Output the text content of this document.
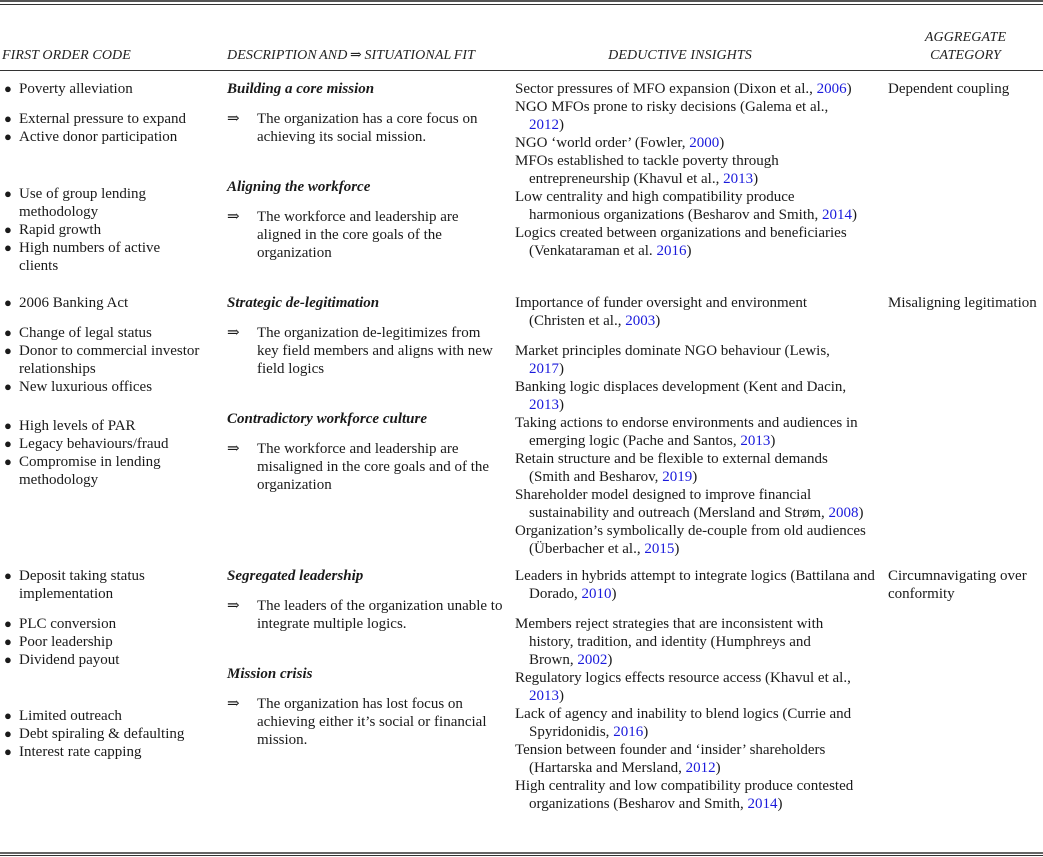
FIRST ORDER CODE	DESCRIPTION AND ⇒ SITUATIONAL FIT	DEDUCTIVE INSIGHTS
AGGREGATE
CATEGORY
● Poverty alleviation
● External pressure to expand
● Active donor participation
● Use of group lending methodology
● Rapid growth
● High numbers of active clients
Building a core mission
⇒ The organization has a core focus on achieving its social mission.
Aligning the workforce
⇒ The workforce and leadership are aligned in the core goals of the organization
Sector pressures of MFO expansion (Dixon et al., 2006)
NGO MFOs prone to risky decisions (Galema et al., 2012)
NGO ‘world order’ (Fowler, 2000)
MFOs established to tackle poverty through entrepreneurship (Khavul et al., 2013)
Low centrality and high compatibility produce harmonious organizations (Besharov and Smith, 2014)
Logics created between organizations and beneficiaries (Venkataraman et al. 2016)
Dependent coupling
● 2006 Banking Act
● Change of legal status
● Donor to commercial investor relationships
● New luxurious offices
● High levels of PAR
● Legacy behaviours/fraud
● Compromise in lending methodology
Strategic de-legitimation
⇒ The organization de-legitimizes from key field members and aligns with new field logics
Contradictory workforce culture
⇒ The workforce and leadership are misaligned in the core goals and of the organization
Importance of funder oversight and environment (Christen et al., 2003)
Market principles dominate NGO behaviour (Lewis, 2017)
Banking logic displaces development (Kent and Dacin, 2013)
Taking actions to endorse environments and audiences in emerging logic (Pache and Santos, 2013)
Retain structure and be flexible to external demands (Smith and Besharov, 2019)
Shareholder model designed to improve financial sustainability and outreach (Mersland and Strøm, 2008)
Organization’s symbolically de-couple from old audiences (Überbacher et al., 2015)
Misaligning legitimation
● Deposit taking status implementation
● PLC conversion
● Poor leadership
● Dividend payout
● Limited outreach
● Debt spiraling & defaulting
● Interest rate capping
Segregated leadership
⇒ The leaders of the organization unable to integrate multiple logics.
Mission crisis
⇒ The organization has lost focus on achieving either it’s social or financial mission.
Leaders in hybrids attempt to integrate logics (Battilana and Dorado, 2010)
Members reject strategies that are inconsistent with history, tradition, and identity (Humphreys and Brown, 2002)
Regulatory logics effects resource access (Khavul et al., 2013)
Lack of agency and inability to blend logics (Currie and Spyridonidis, 2016)
Tension between founder and ‘insider’ shareholders (Hartarska and Mersland, 2012)
High centrality and low compatibility produce contested organizations (Besharov and Smith, 2014)
Circumnavigating over conformity
